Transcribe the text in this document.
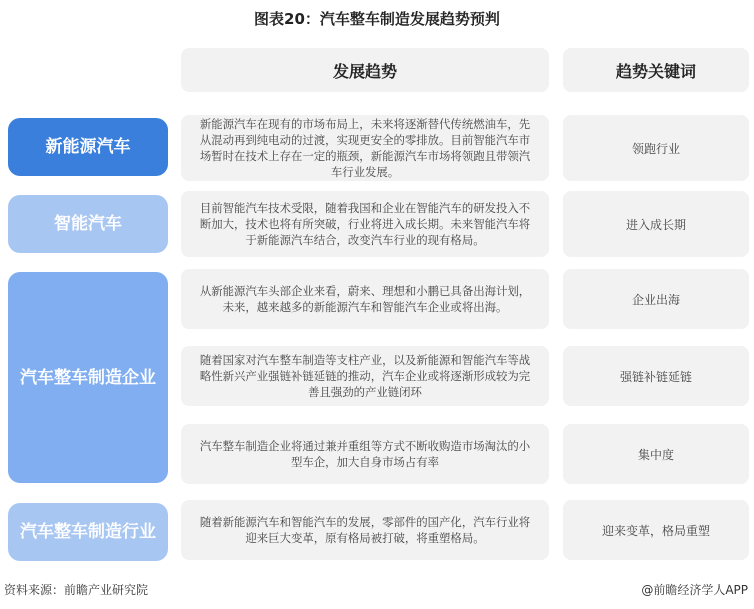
图表20：汽车整车制造发展趋势预判
发展趋势	趋势关键词
新能源汽车
智能汽车
汽车整车制造企业
汽车整车制造行业
新能源汽车在现有的市场布局上，未来将逐渐替代传统燃油车，先从混动再到纯电动的过渡，实现更安全的零排放。目前智能汽车市场暂时在技术上存在一定的瓶颈，新能源汽车市场将领跑且带领汽车行业发展。
目前智能汽车技术受限，随着我国和企业在智能汽车的研发投入不断加大，技术也将有所突破，行业将进入成长期。未来智能汽车将于新能源汽车结合，改变汽车行业的现有格局。
从新能源汽车头部企业来看，蔚来、理想和小鹏已具备出海计划，未来，越来越多的新能源汽车和智能汽车企业或将出海。
随着国家对汽车整车制造等支柱产业，以及新能源和智能汽车等战略性新兴产业强链补链延链的推动，汽车企业或将逐渐形成较为完善且强劲的产业链闭环
汽车整车制造企业将通过兼并重组等方式不断收购造市场淘汰的小型车企，加大自身市场占有率
随着新能源汽车和智能汽车的发展，零部件的国产化，汽车行业将迎来巨大变革，原有格局被打破，将重塑格局。
领跑行业
进入成长期
企业出海
强链补链延链
集中度
迎来变革，格局重塑
资料来源：前瞻产业研究院	@前瞻经济学人APP
